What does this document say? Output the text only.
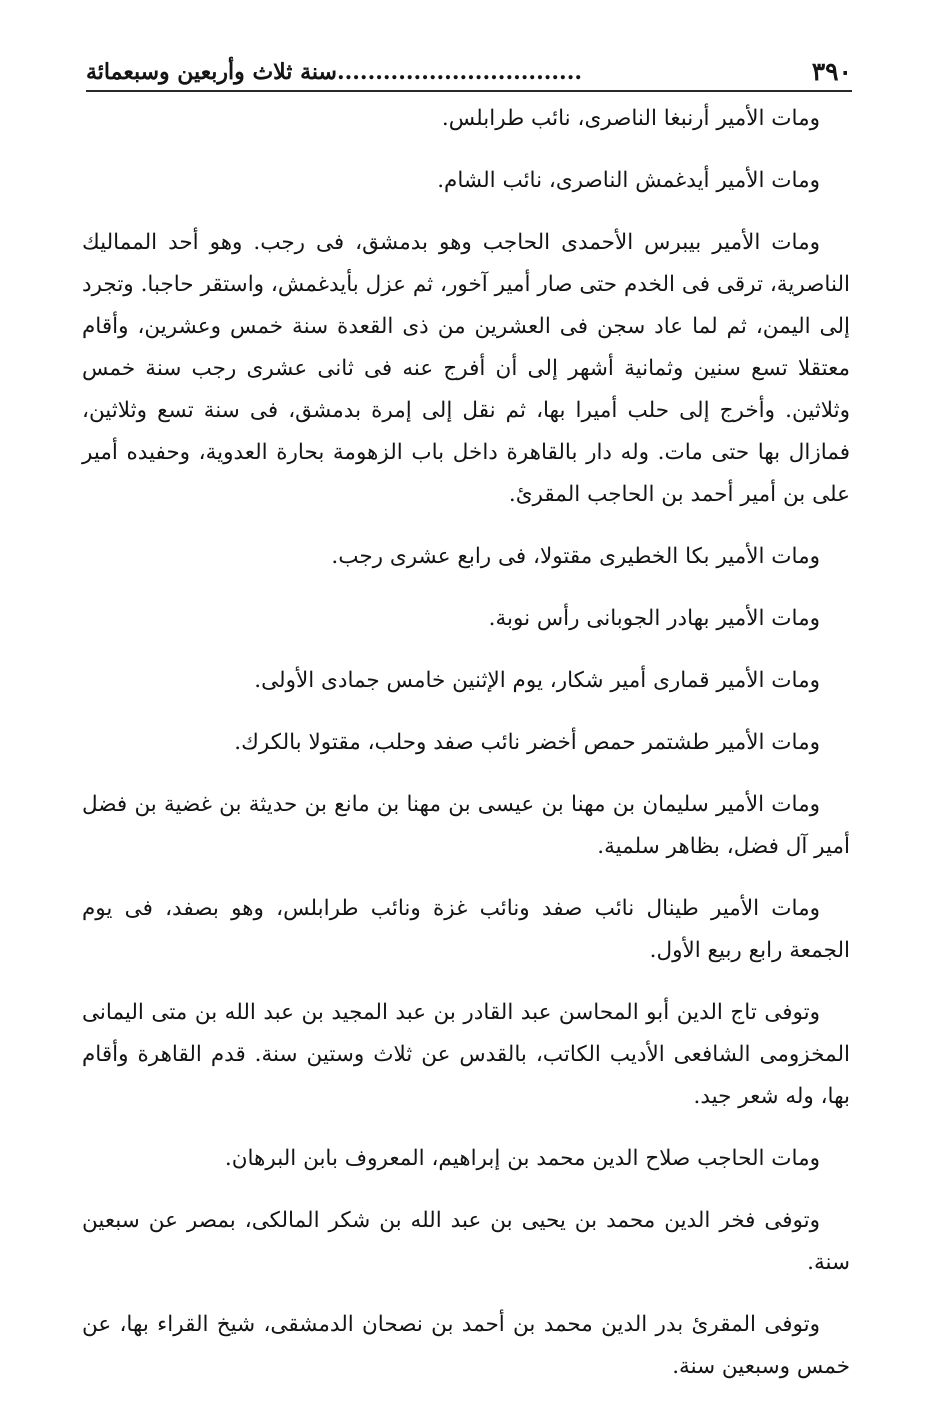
٣٩٠
................................سنة ثلاث وأربعين وسبعمائة

ومات الأمير أرنبغا الناصرى، نائب طرابلس.

ومات الأمير أيدغمش الناصرى، نائب الشام.

ومات الأمير بيبرس الأحمدى الحاجب وهو بدمشق، فى رجب. وهو أحد المماليك الناصرية، ترقى فى الخدم حتى صار أمير آخور، ثم عزل بأيدغمش، واستقر حاجبا. وتجرد إلى اليمن، ثم لما عاد سجن فى العشرين من ذى القعدة سنة خمس وعشرين، وأقام معتقلا تسع سنين وثمانية أشهر إلى أن أفرج عنه فى ثانى عشرى رجب سنة خمس وثلاثين. وأخرج إلى حلب أميرا بها، ثم نقل إلى إمرة بدمشق، فى سنة تسع وثلاثين، فمازال بها حتى مات. وله دار بالقاهرة داخل باب الزهومة بحارة العدوية، وحفيده أمير على بن أمير أحمد بن الحاجب المقرئ.

ومات الأمير بكا الخطيرى مقتولا، فى رابع عشرى رجب.

ومات الأمير بهادر الجوبانى رأس نوبة.

ومات الأمير قمارى أمير شكار، يوم الإثنين خامس جمادى الأولى.

ومات الأمير طشتمر حمص أخضر نائب صفد وحلب، مقتولا بالكرك.

ومات الأمير سليمان بن مهنا بن عيسى بن مهنا بن مانع بن حديثة بن غضية بن فضل أمير آل فضل، بظاهر سلمية.

ومات الأمير طينال نائب صفد ونائب غزة ونائب طرابلس، وهو بصفد، فى يوم الجمعة رابع ربيع الأول.

وتوفى تاج الدين أبو المحاسن عبد القادر بن عبد المجيد بن عبد الله بن متى اليمانى المخزومى الشافعى الأديب الكاتب، بالقدس عن ثلاث وستين سنة. قدم القاهرة وأقام بها، وله شعر جيد.

ومات الحاجب صلاح الدين محمد بن إبراهيم، المعروف بابن البرهان.

وتوفى فخر الدين محمد بن يحيى بن عبد الله بن شكر المالكى، بمصر عن سبعين سنة.

وتوفى المقرئ بدر الدين محمد بن أحمد بن نصحان الدمشقى، شيخ القراء بها، عن خمس وسبعين سنة.
